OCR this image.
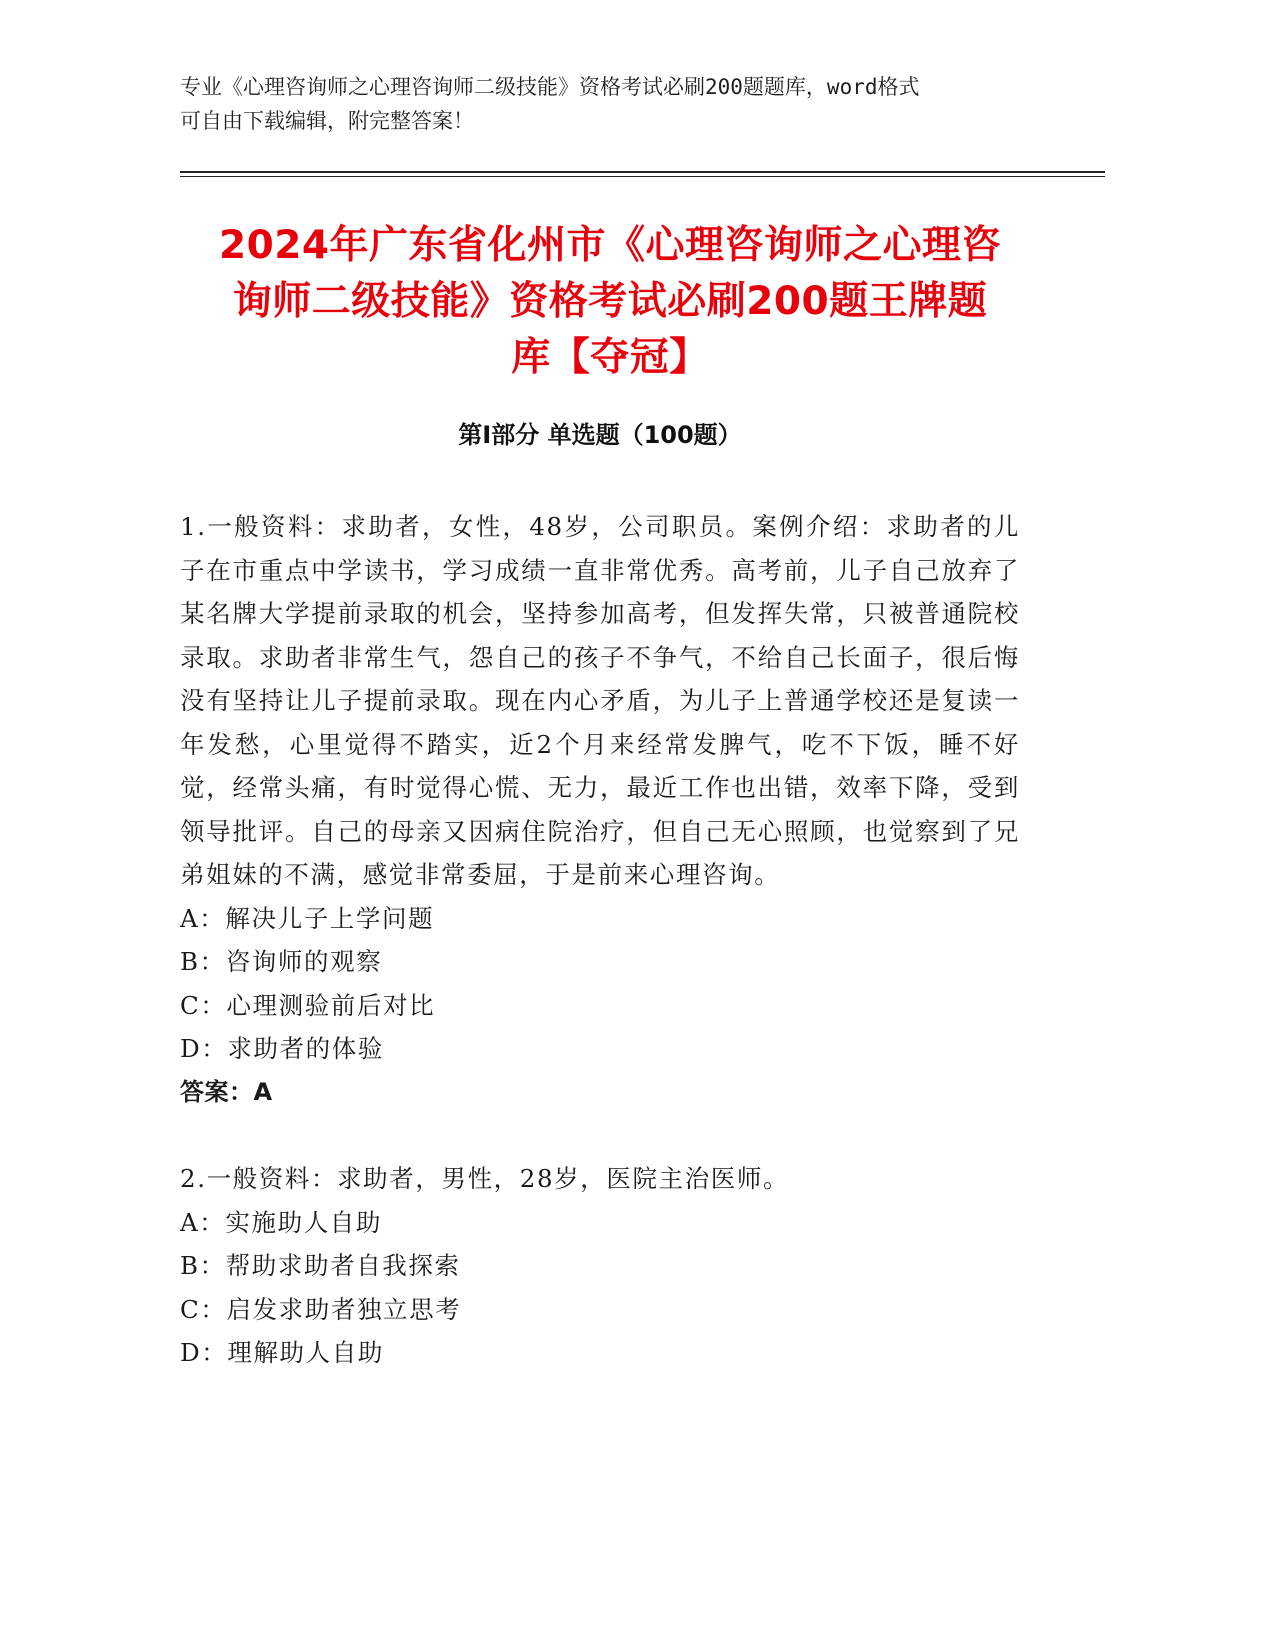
专业《心理咨询师之心理咨询师二级技能》资格考试必刷200题题库，word格式
可自由下载编辑，附完整答案！
2024年广东省化州市《心理咨询师之心理咨
询师二级技能》资格考试必刷200题王牌题
库【夺冠】
第Ⅰ部分 单选题（100题）
1.一般资料：求助者，女性，48岁，公司职员。案例介绍：求助者的儿子在市重点中学读书，学习成绩一直非常优秀。高考前，儿子自己放弃了某名牌大学提前录取的机会，坚持参加高考，但发挥失常，只被普通院校录取。求助者非常生气，怨自己的孩子不争气，不给自己长面子，很后悔没有坚持让儿子提前录取。现在内心矛盾，为儿子上普通学校还是复读一年发愁，心里觉得不踏实，近2个月来经常发脾气，吃不下饭，睡不好觉，经常头痛，有时觉得心慌、无力，最近工作也出错，效率下降，受到领导批评。自己的母亲又因病住院治疗，但自己无心照顾，也觉察到了兄弟姐妹的不满，感觉非常委屈，于是前来心理咨询。
A：解决儿子上学问题
B：咨询师的观察
C：心理测验前后对比
D：求助者的体验
答案：A
2.一般资料：求助者，男性，28岁，医院主治医师。
A：实施助人自助
B：帮助求助者自我探索
C：启发求助者独立思考
D：理解助人自助
